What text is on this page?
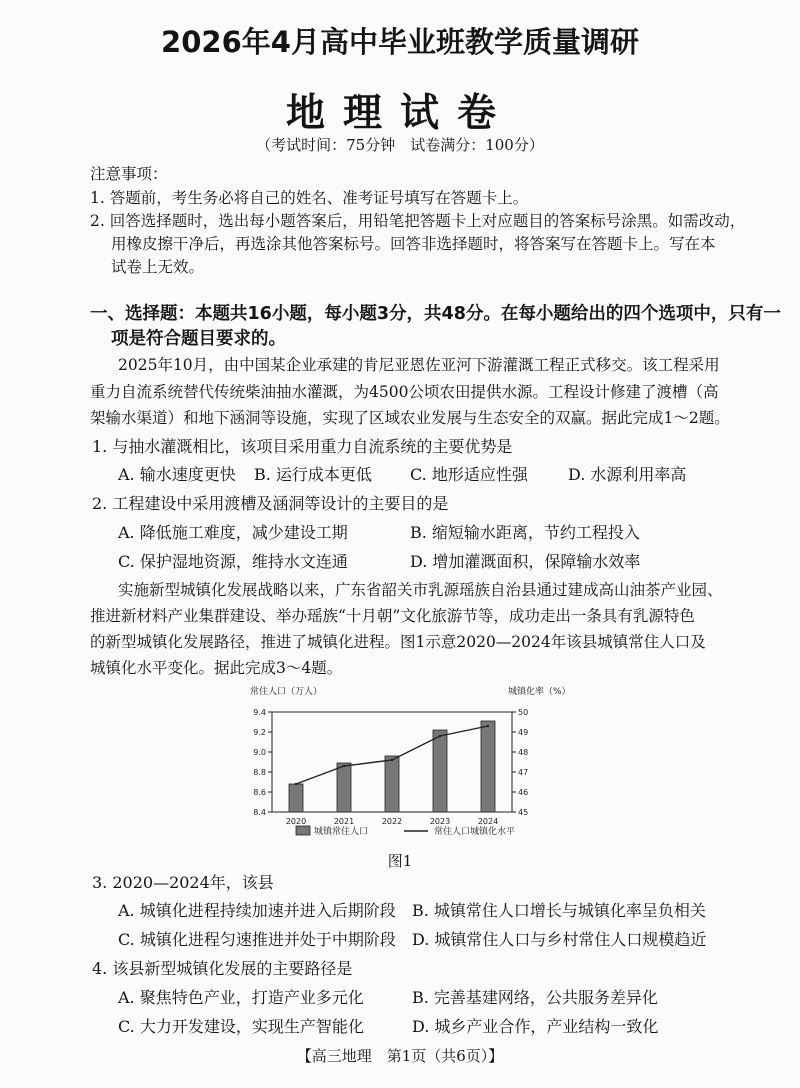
2026年4月高中毕业班教学质量调研
地理试卷
（考试时间：75分钟　试卷满分：100分）
注意事项：
1. 答题前，考生务必将自己的姓名、准考证号填写在答题卡上。
2. 回答选择题时，选出每小题答案后，用铅笔把答题卡上对应题目的答案标号涂黑。如需改动，
用橡皮擦干净后，再选涂其他答案标号。回答非选择题时，将答案写在答题卡上。写在本
试卷上无效。
一、选择题：本题共16小题，每小题3分，共48分。在每小题给出的四个选项中，只有一
项是符合题目要求的。
2025年10月，由中国某企业承建的肯尼亚恩佐亚河下游灌溉工程正式移交。该工程采用
重力自流系统替代传统柴油抽水灌溉，为4500公顷农田提供水源。工程设计修建了渡槽（高
架输水渠道）和地下涵洞等设施，实现了区域农业发展与生态安全的双赢。据此完成1～2题。
1. 与抽水灌溉相比，该项目采用重力自流系统的主要优势是
A. 输水速度更快 B. 运行成本更低 C. 地形适应性强	D. 水源利用率高
2. 工程建设中采用渡槽及涵洞等设计的主要目的是
A. 降低施工难度，减少建设工期	B. 缩短输水距离，节约工程投入
C. 保护湿地资源，维持水文连通	D. 增加灌溉面积，保障输水效率
实施新型城镇化发展战略以来，广东省韶关市乳源瑶族自治县通过建成高山油茶产业园、
推进新材料产业集群建设、举办瑶族“十月朝”文化旅游节等，成功走出一条具有乳源特色
的新型城镇化发展路径，推进了城镇化进程。图1示意2020—2024年该县城镇常住人口及
城镇化水平变化。据此完成3～4题。
常住人口（万人）	城镇化率（%）
8.4
8.6
8.8
9.0
9.2
9.4
45
46
47
48
49
50
2020	2021	2022	2023	2024
城镇常住人口	常住人口城镇化水平
图1
3. 2020—2024年，该县
A. 城镇化进程持续加速并进入后期阶段 B. 城镇常住人口增长与城镇化率呈负相关
C. 城镇化进程匀速推进并处于中期阶段 D. 城镇常住人口与乡村常住人口规模趋近
4. 该县新型城镇化发展的主要路径是
A. 聚焦特色产业，打造产业多元化	B. 完善基建网络，公共服务差异化
C. 大力开发建设，实现生产智能化	D. 城乡产业合作，产业结构一致化
【高三地理　第1页（共6页）】
